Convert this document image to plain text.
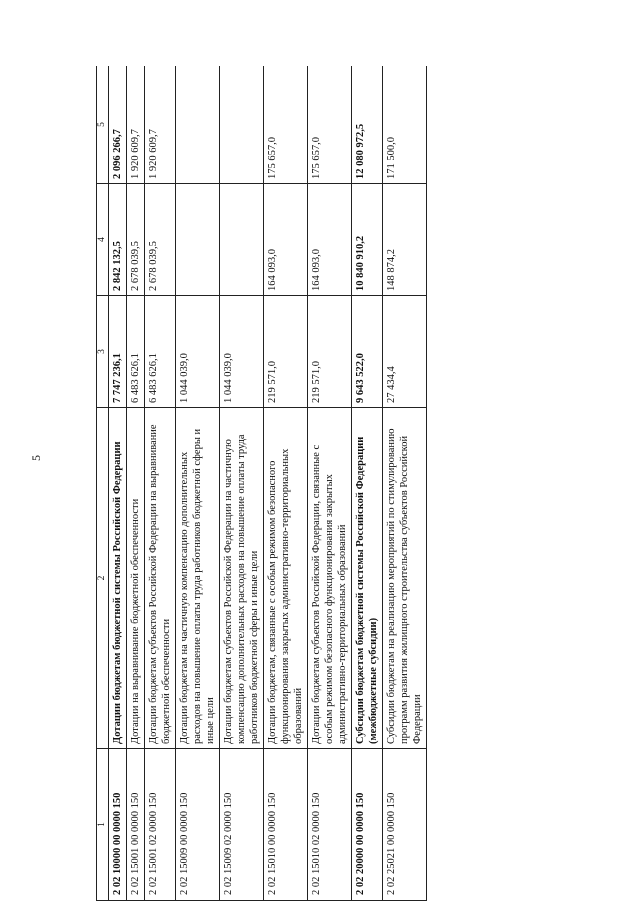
5
1	2	3	4	5
2 02 10000 00 0000 150	Дотации бюджетам бюджетной системы Российской Федерации	7 747 236,1	2 842 132,5	2 096 266,7
2 02 15001 00 0000 150	Дотации на выравнивание бюджетной обеспеченности	6 483 626,1	2 678 039,5	1 920 609,7
2 02 15001 02 0000 150	Дотации бюджетам субъектов Российской Федерации на выравнивание бюджетной обеспеченности	6 483 626,1	2 678 039,5	1 920 609,7
2 02 15009 00 0000 150	Дотации бюджетам на частичную компенсацию дополнительных расходов на повышение оплаты труда работников бюджетной сферы и иные цели	1 044 039,0		
2 02 15009 02 0000 150	Дотации бюджетам субъектов Российской Федерации на частичную компенсацию дополнительных расходов на повышение оплаты труда работников бюджетной сферы и иные цели	1 044 039,0		
2 02 15010 00 0000 150	Дотации бюджетам, связанные с особым режимом безопасного функционирования закрытых административно-территориальных образований	219 571,0	164 093,0	175 657,0
2 02 15010 02 0000 150	Дотации бюджетам субъектов Российской Федерации, связанные с особым режимом безопасного функционирования закрытых административно-территориальных образований	219 571,0	164 093,0	175 657,0
2 02 20000 00 0000 150	Субсидии бюджетам бюджетной системы Российской Федерации (межбюджетные субсидии)	9 643 522,0	10 840 910,2	12 080 972,5
2 02 25021 00 0000 150	Субсидии бюджетам на реализацию мероприятий по стимулированию программ развития жилищного строительства субъектов Российской Федерации	27 434,4	148 874,2	171 500,0
